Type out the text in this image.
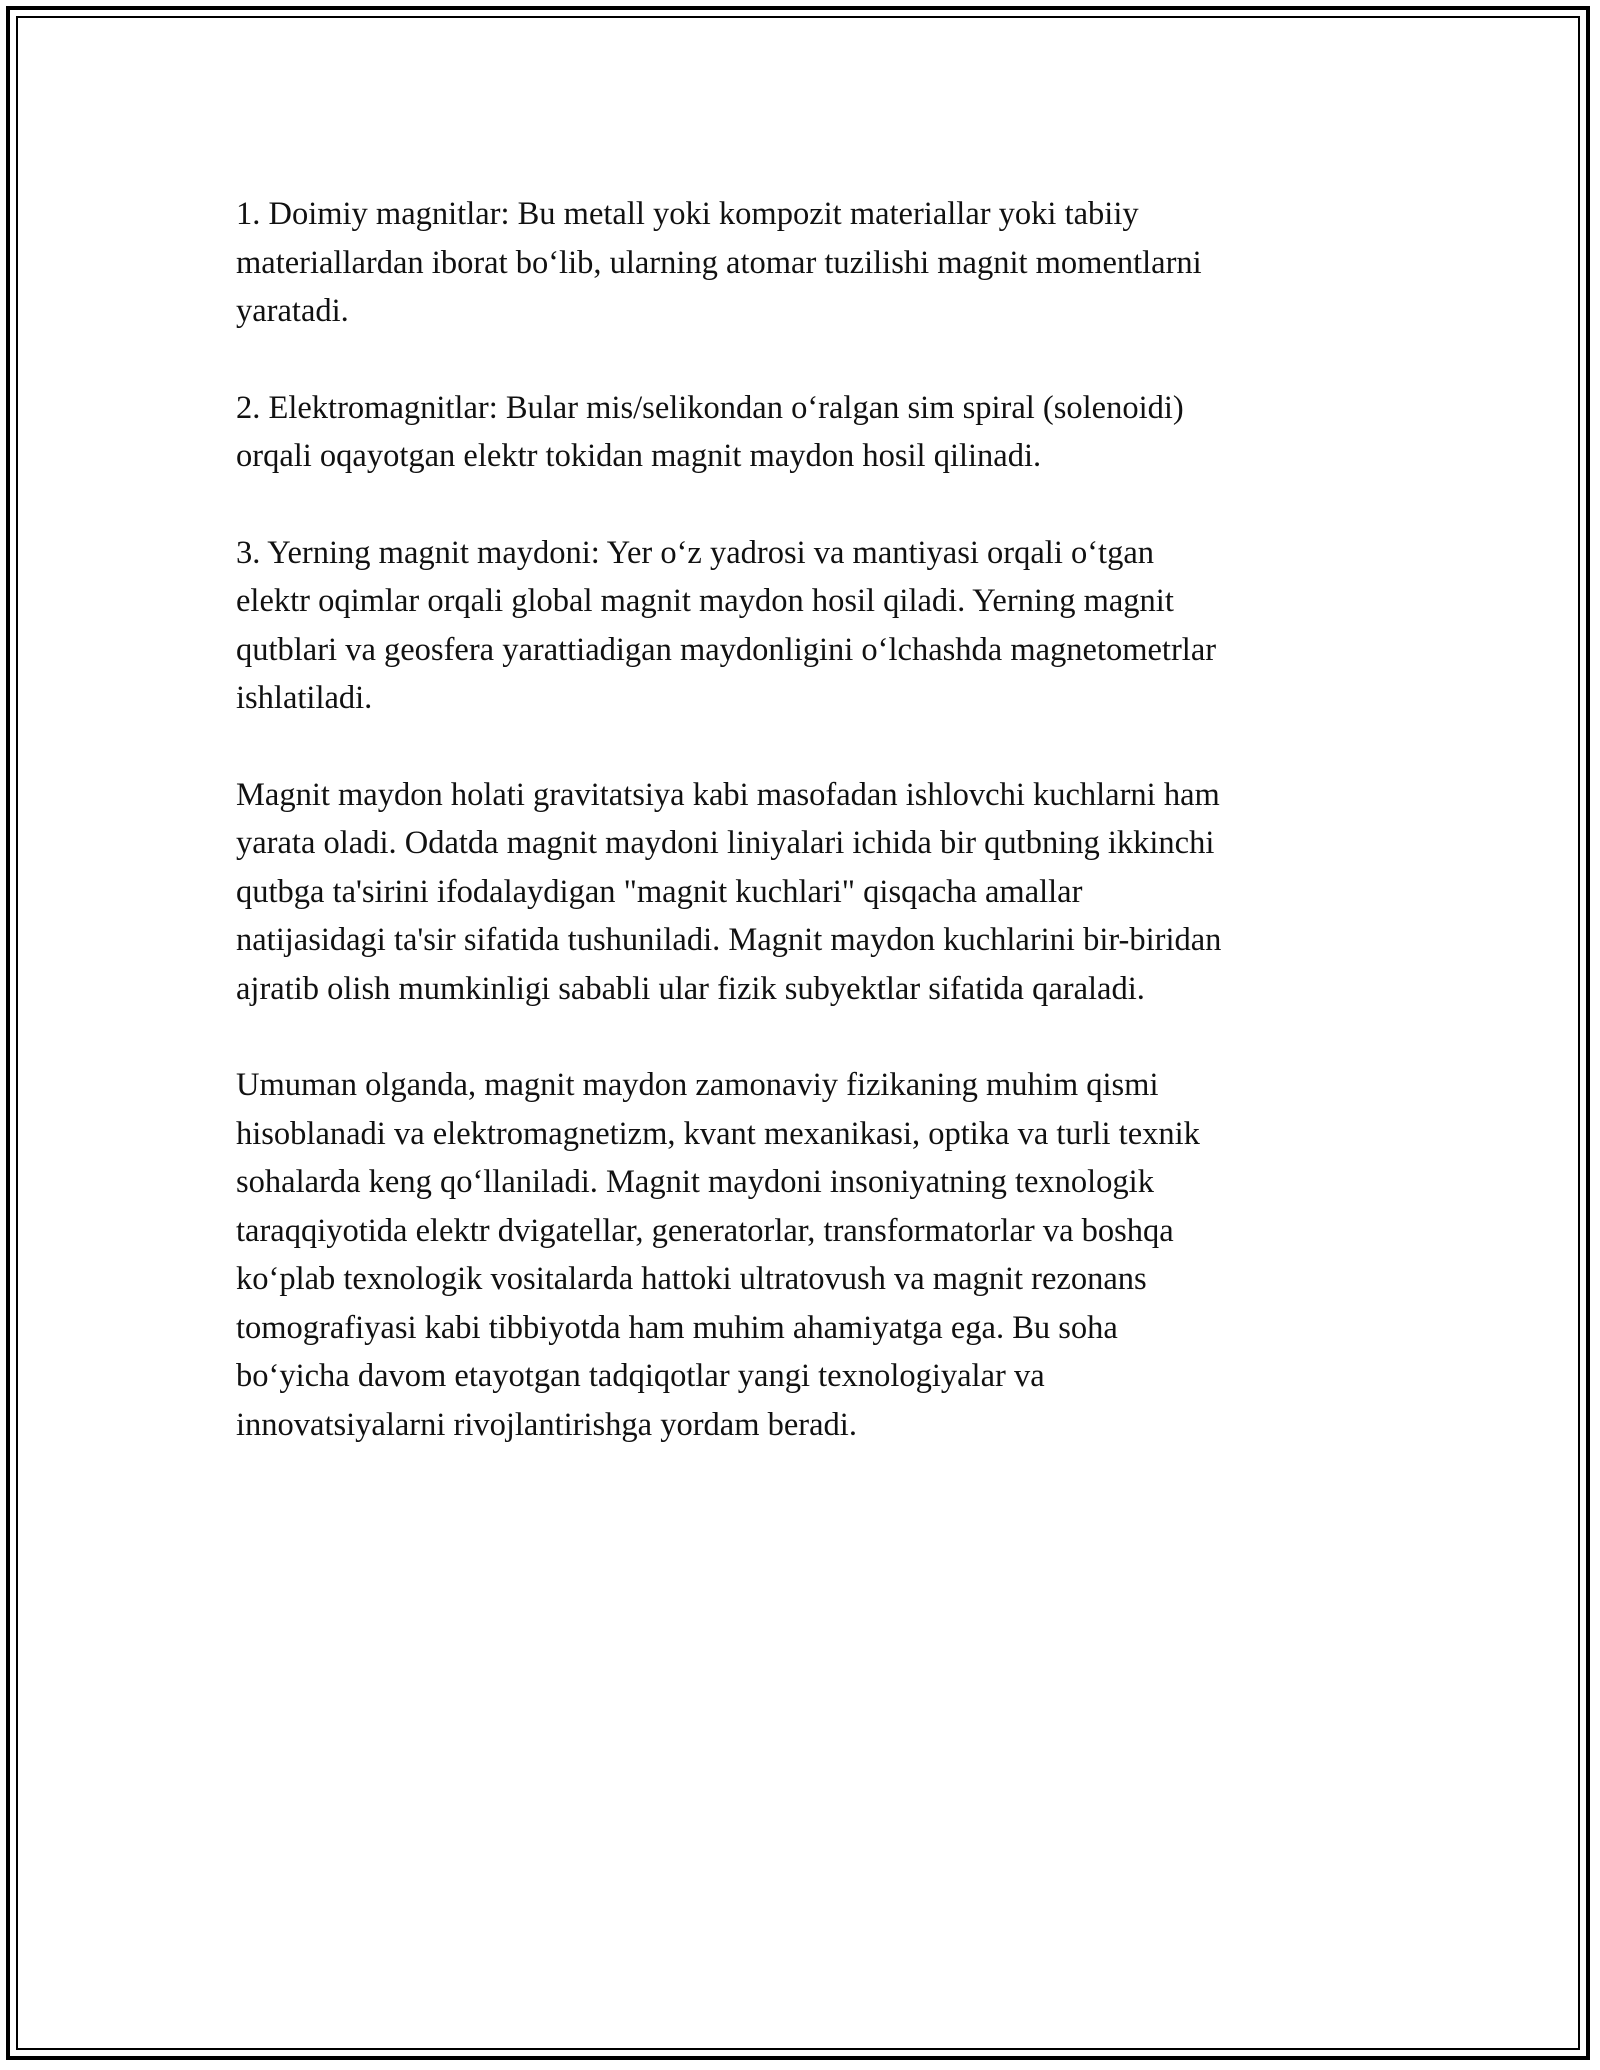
1. Doimiy magnitlar: Bu metall yoki kompozit materiallar yoki tabiiy
materiallardan iborat bo‘lib, ularning atomar tuzilishi magnit momentlarni
yaratadi.

2. Elektromagnitlar: Bular mis/selikondan o‘ralgan sim spiral (solenoidi)
orqali oqayotgan elektr tokidan magnit maydon hosil qilinadi.

3. Yerning magnit maydoni: Yer o‘z yadrosi va mantiyasi orqali o‘tgan
elektr oqimlar orqali global magnit maydon hosil qiladi. Yerning magnit
qutblari va geosfera yarattiadigan maydonligini o‘lchashda magnetometrlar
ishlatiladi.

Magnit maydon holati gravitatsiya kabi masofadan ishlovchi kuchlarni ham
yarata oladi. Odatda magnit maydoni liniyalari ichida bir qutbning ikkinchi
qutbga ta'sirini ifodalaydigan "magnit kuchlari" qisqacha amallar
natijasidagi ta'sir sifatida tushuniladi. Magnit maydon kuchlarini bir-biridan
ajratib olish mumkinligi sababli ular fizik subyektlar sifatida qaraladi.

Umuman olganda, magnit maydon zamonaviy fizikaning muhim qismi
hisoblanadi va elektromagnetizm, kvant mexanikasi, optika va turli texnik
sohalarda keng qo‘llaniladi. Magnit maydoni insoniyatning texnologik
taraqqiyotida elektr dvigatellar, generatorlar, transformatorlar va boshqa
ko‘plab texnologik vositalarda hattoki ultratovush va magnit rezonans
tomografiyasi kabi tibbiyotda ham muhim ahamiyatga ega. Bu soha
bo‘yicha davom etayotgan tadqiqotlar yangi texnologiyalar va
innovatsiyalarni rivojlantirishga yordam beradi.
